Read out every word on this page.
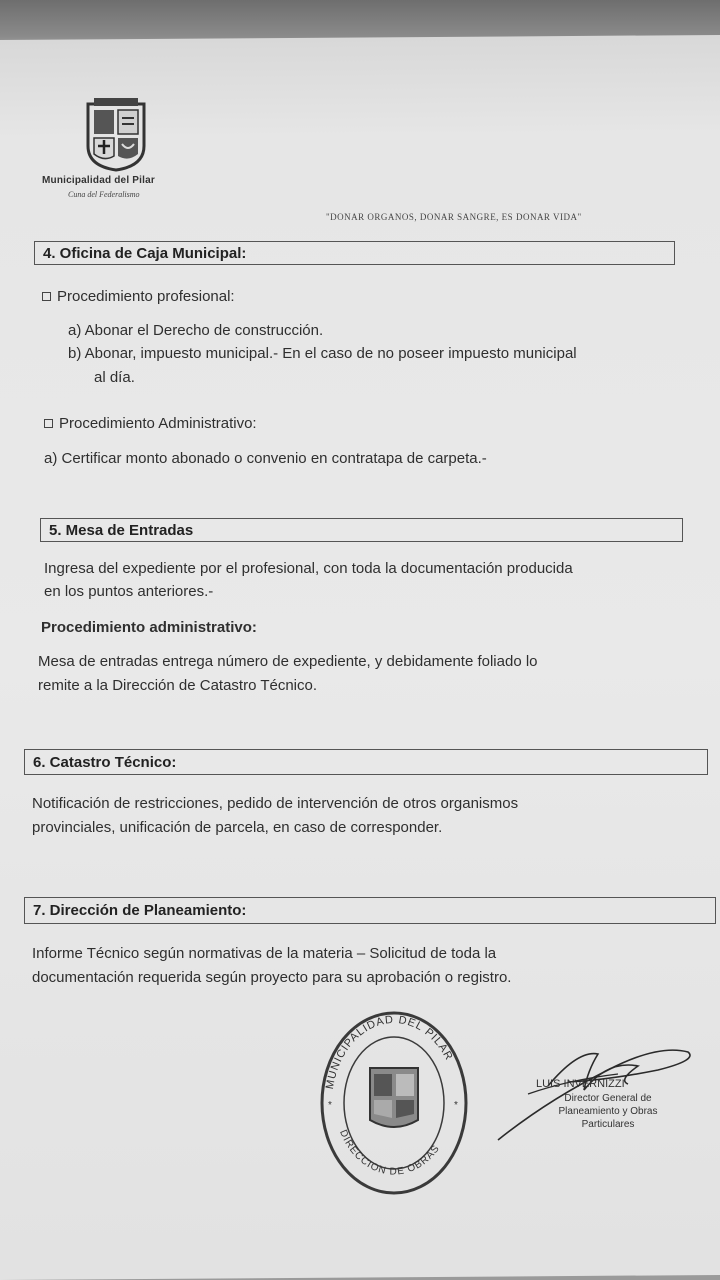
Municipalidad del Pilar
Cuna del Federalismo
"DONAR ORGANOS, DONAR SANGRE, ES DONAR VIDA"
4. Oficina de Caja Municipal:
Procedimiento profesional:
a) Abonar el Derecho de construcción.
b) Abonar, impuesto municipal.- En el caso de no poseer impuesto municipal
al día.
Procedimiento Administrativo:
a) Certificar monto abonado o convenio en contratapa de carpeta.-
5. Mesa de Entradas
Ingresa del expediente por el profesional, con toda la documentación producida
en los puntos anteriores.-
Procedimiento administrativo:
Mesa de entradas entrega número de expediente, y debidamente foliado lo
remite a la Dirección de Catastro Técnico.
6. Catastro Técnico:
Notificación de restricciones, pedido de intervención de otros organismos
provinciales, unificación de parcela, en caso de corresponder.
7. Dirección de Planeamiento:
Informe Técnico según normativas de la materia – Solicitud de toda la
documentación requerida según proyecto para su aprobación o registro.
MUNICIPALIDAD DEL PILAR
DIRECCION DE OBRAS
*	*
LUIS INVERNIZZI
Director General de
Planeamiento y Obras
Particulares
